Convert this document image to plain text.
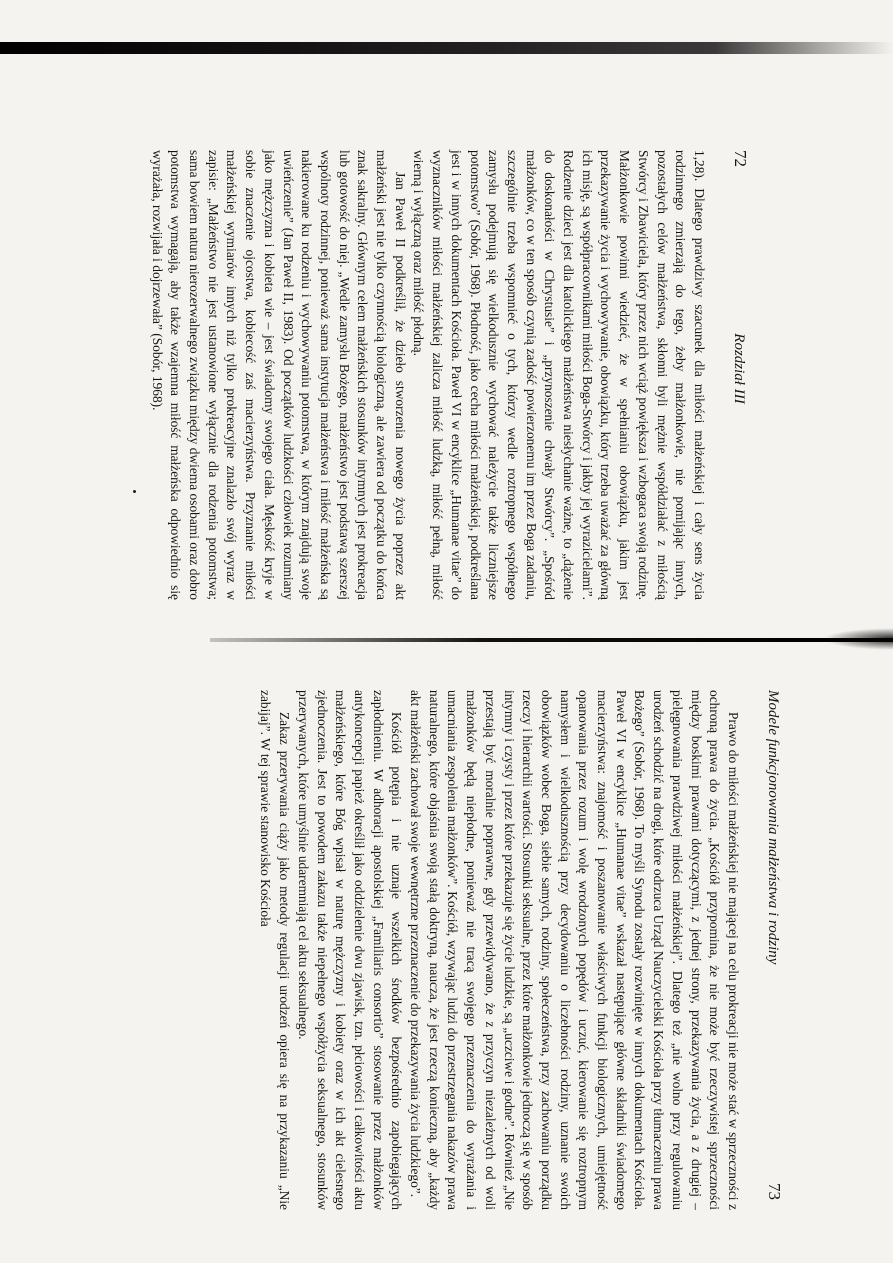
72
Rozdział III

1,28). Dlatego prawdziwy szacunek dla miłości małżeńskiej i cały sens życia rodzinnego zmierzają do tego, żeby małżonkowie, nie pomijając innych, pozostałych celów małżeństwa, skłonni byli mężnie współdziałać z miłością Stwórcy i Zbawiciela, który przez nich wciąż powiększa i wzbogaca swoją rodzinę. Małżonkowie powinni wiedzieć, że w spełnianiu obowiązku, jakim jest przekazywanie życia i wychowywanie, obowiązku, który trzeba uważać za główną ich misję, są współpracownikami miłości Boga-Stwórcy i jakby jej wyrazicielami”. Rodzenie dzieci jest dla katolickiego małżeństwa niesłychanie ważne, to „dążenie do doskonałości w Chrystusie” i „przynoszenie chwały Stwórcy”. „Spośród małżonków, co w ten sposób czynią zadość powierzonemu im przez Boga zadaniu, szczególnie trzeba wspomnieć o tych, którzy wedle roztropnego współnego zamysłu podejmują się wielkodusznie wychować należycie także liczniejsze potomstwo” (Sobór, 1968). Płodność, jako cecha miłości małżeńskiej, podkreślana jest i w innych dokumentach Kościoła. Paweł VI w encyklice „Humanae vitae” do wyznaczników miłości małżeńskiej zalicza miłość ludzką, miłość pełną, miłość wierną i wyłączną oraz miłość płodną.

Jan Paweł II podkreślił, że dzieło stworzenia nowego życia poprzez akt małżeński jest nie tylko czynnością biologiczną, ale zawiera od początku do końca znak sakralny. Głównym celem małżeńskich stosunków intymnych jest prokreacja lub gotowość do niej. „Wedle zamysłu Bożego, małżeństwo jest podstawą szerszej wspólnoty rodzinnej, ponieważ sama instytucja małżeństwa i miłość małżeńska są nakierowane ku rodzeniu i wychowywaniu potomstwa, w którym znajdują swoje uwieńczenie” (Jan Paweł II, 1983). Od początków ludzkości człowiek rozumiany jako mężczyzna i kobieta wie – jest świadomy swojego ciała. Męskość kryje w sobie znaczenie ojcostwa, kobiecość zaś macierzyństwa. Przyznanie miłości małżeńskiej wymiarów innych niż tylko prokreacyjne znalazło swój wyraz w zapisie: „Małżeństwo nie jest ustanowione wyłącznie dla rodzenia potomstwa; sama bowiem natura nierozerwalnego związku między dwiema osobami oraz dobro potomstwa wymagają, aby także wzajemna miłość małżeńska odpowiednio się wyrażała, rozwijała i dojrzewała” (Sobór, 1968).

Modele funkcjonowania małżeństwa i rodziny
73

Prawo do miłości małżeńskiej nie mającej na celu prokreacji nie może stać w sprzeczności z ochroną prawa do życia. „Kościół przypomina, że nie może być rzeczywistej sprzeczności między boskimi prawami dotyczącymi, z jednej strony, przekazywania życia, a z drugiej – pielęgnowania prawdziwej miłości małżeńskiej”. Dlatego też „nie wolno przy regulowaniu urodzeń schodzić na drogi, które odrzuca Urząd Nauczycielski Kościoła przy tłumaczeniu prawa Bożego” (Sobór, 1968). To myśli Synodu zostały rozwinięte w innych dokumentach Kościoła. Paweł VI w encyklice „Humanae vitae” wskazał następujące główne składniki świadomego macierzyństwa: znajomość i poszanowanie właściwych funkcji biologicznych, umiejętność opanowania przez rozum i wolę wrodzonych popędów i uczuć, kierowanie się roztropnym namysłem i wielkodusznością przy decydowaniu o liczebności rodziny, uznanie swoich obowiązków wobec Boga, siebie samych, rodziny, społeczeństwa, przy zachowaniu porządku rzeczy i hierarchii wartości. Stosunki seksualne, przez które małżonkowie jednoczą się w sposób intymny i czysty i przez które przekazuje się życie ludzkie, są „uczciwe i godne”. Również „Nie przestają być moralnie poprawne, gdy przewidywano, że z przyczyn niezależnych od woli małżonków będą niepłodne, ponieważ nie tracą swojego przeznaczenia do wyrażania i umacniania zespolenia małżonków”. Kościół, wzywając ludzi do przestrzegania nakazów prawa naturalnego, które objaśnia swoją stałą doktryną, naucza, że jest rzeczą konieczną, aby „każdy akt małżeński zachował swoje wewnętrzne przeznaczenie do przekazywania życia ludzkiego”.

Kościół potępia i nie uznaje wszelkich środków bezpośrednio zapobiegających zapłodnieniu. W adhoracji apostolskiej „Familiaris consortio” stosowanie przez małżonków antykoncepcji papież określił jako oddzielenie dwu zjawisk, tzn. płciowości i całkowitości aktu małżeńskiego, które Bóg wpisał w naturę mężczyzny i kobiety oraz w ich akt cielesnego zjednoczenia. Jest to powodem zakazu także niepełnego współżycia seksualnego, stosunków przerywanych, które umyślnie udaremniają cel aktu seksualnego.

Zakaz przerywania ciąży jako metody regulacji urodzeń opiera się na przykazaniu „Nie zabijaj”. W tej sprawie stanowisko Kościoła
